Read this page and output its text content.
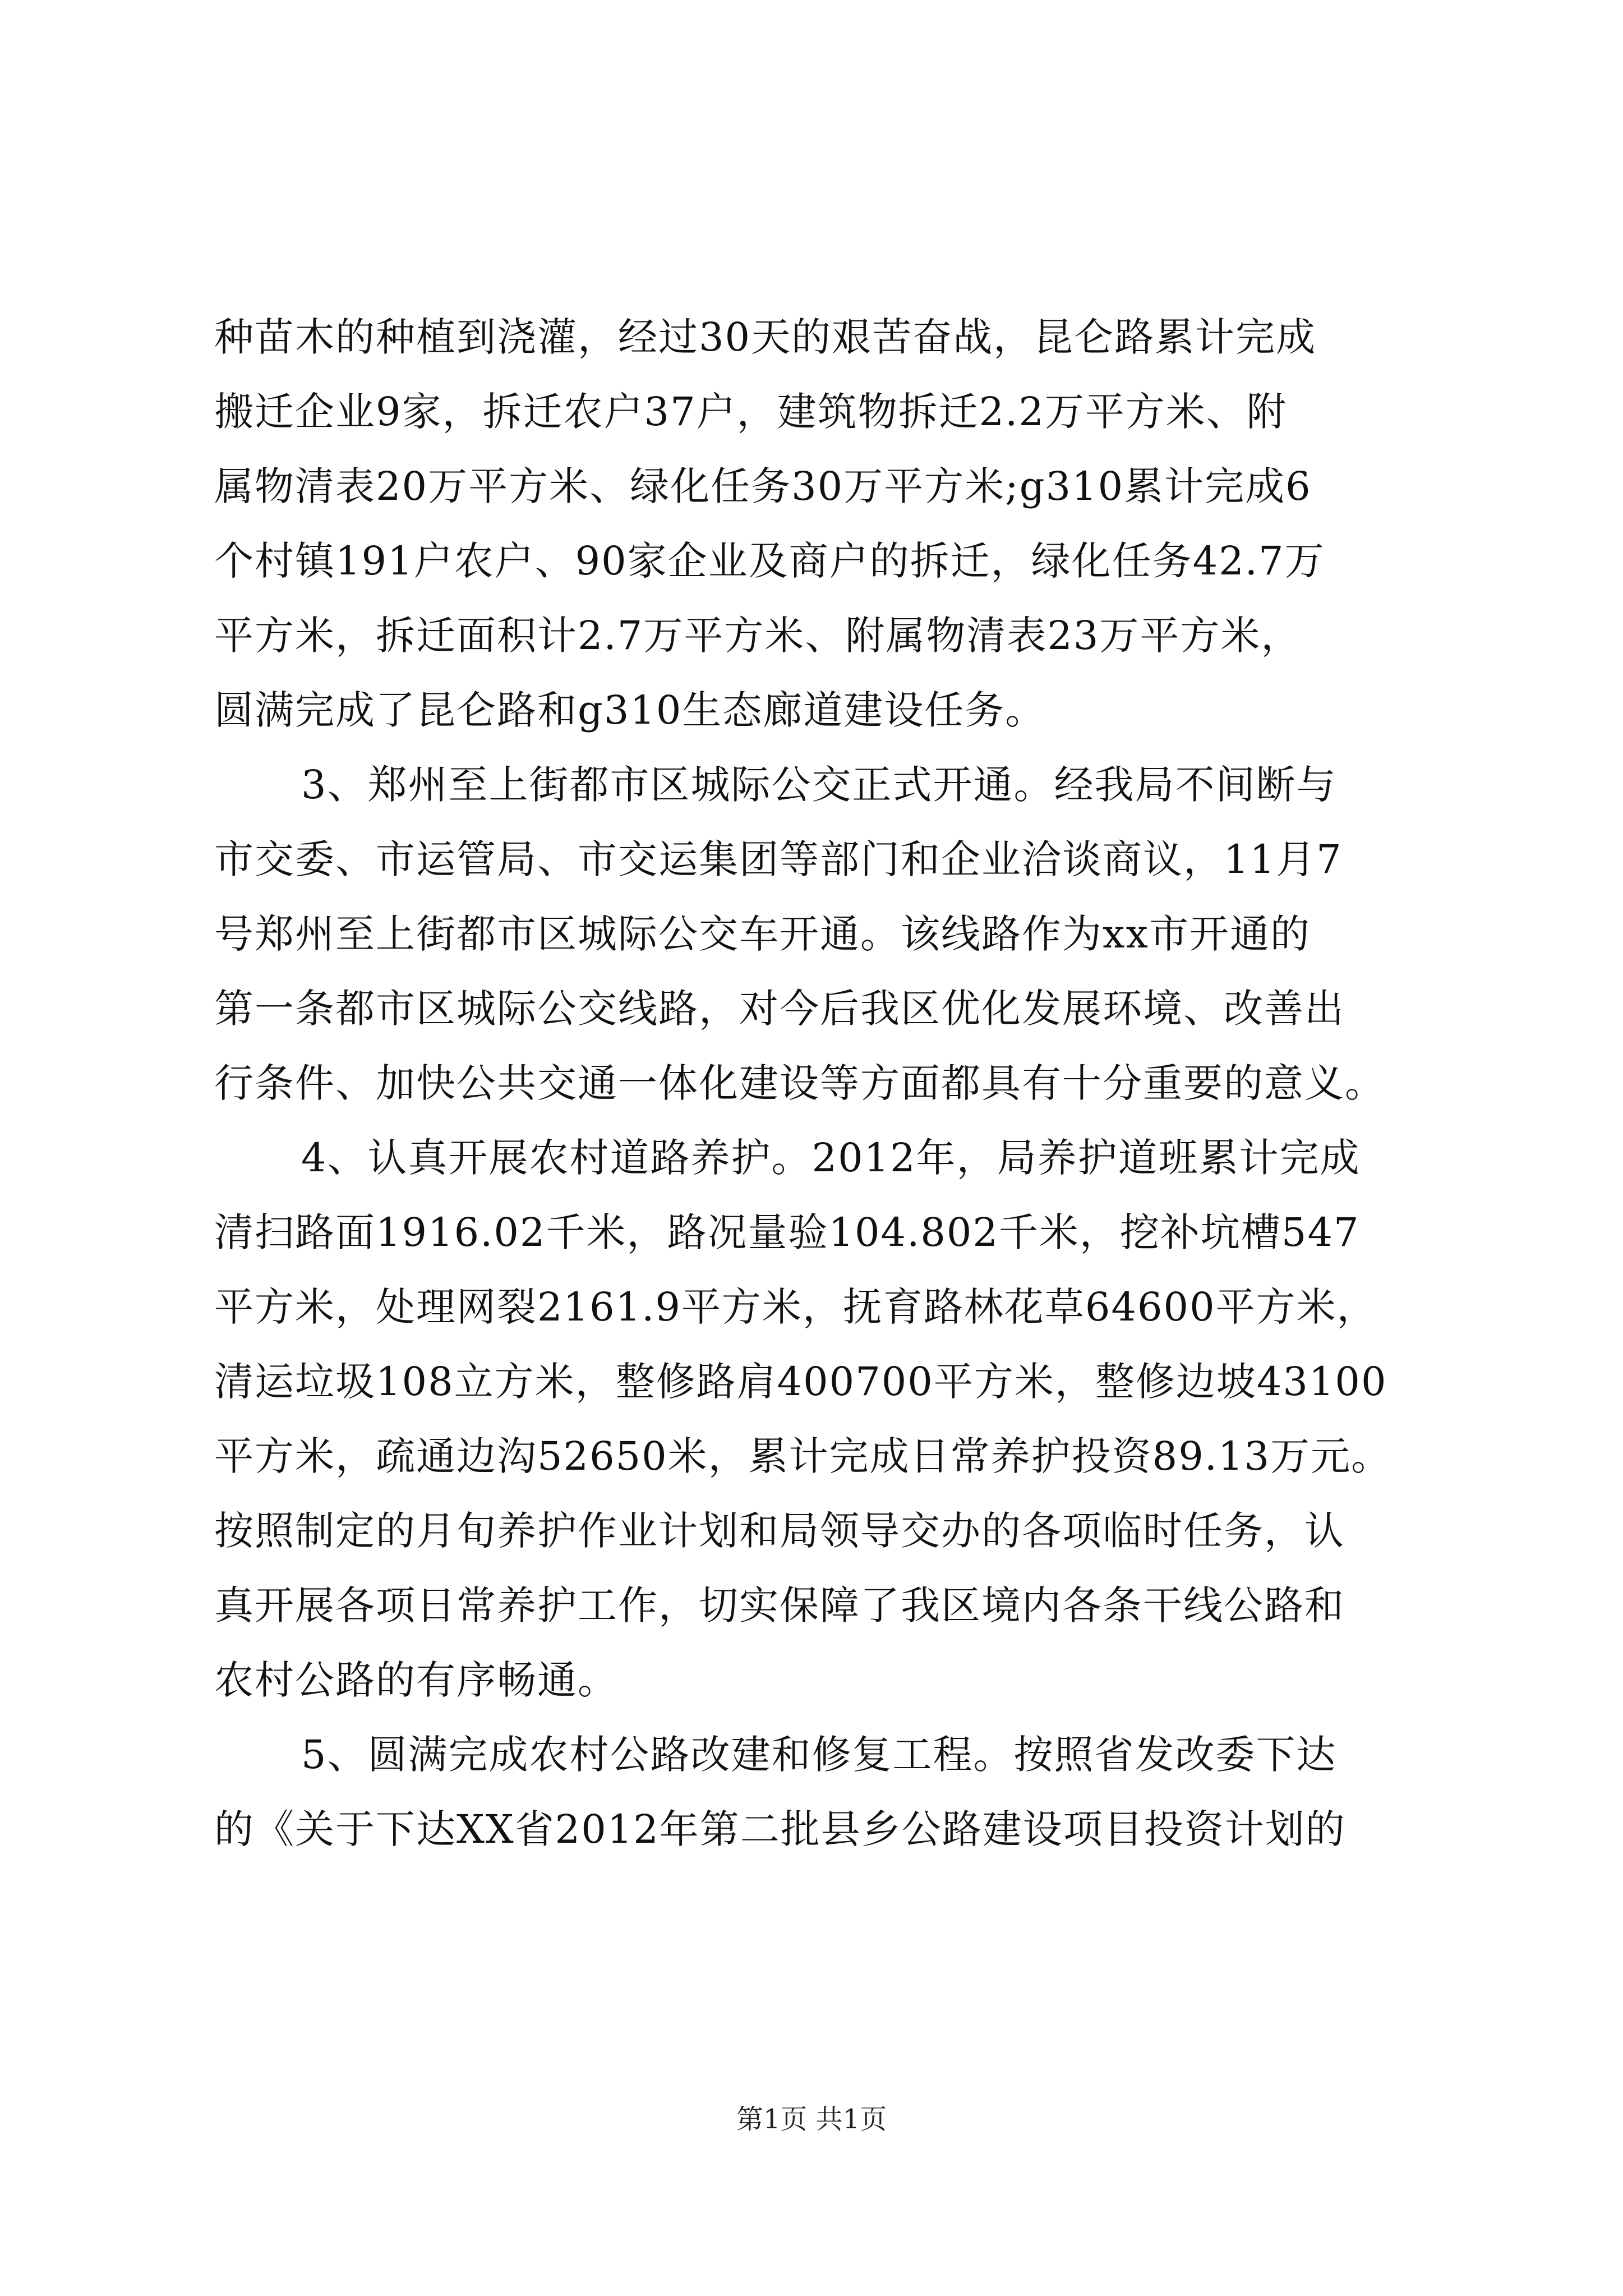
种苗木的种植到浇灌，经过30天的艰苦奋战，昆仑路累计完成
搬迁企业9家，拆迁农户37户，建筑物拆迁2.2万平方米、附
属物清表20万平方米、绿化任务30万平方米;g310累计完成6
个村镇191户农户、90家企业及商户的拆迁，绿化任务42.7万
平方米，拆迁面积计2.7万平方米、附属物清表23万平方米，
圆满完成了昆仑路和g310生态廊道建设任务。
3、郑州至上街都市区城际公交正式开通。经我局不间断与
市交委、市运管局、市交运集团等部门和企业洽谈商议，11月7
号郑州至上街都市区城际公交车开通。该线路作为xx市开通的
第一条都市区城际公交线路，对今后我区优化发展环境、改善出
行条件、加快公共交通一体化建设等方面都具有十分重要的意义。
4、认真开展农村道路养护。2012年，局养护道班累计完成
清扫路面1916.02千米，路况量验104.802千米，挖补坑槽547
平方米，处理网裂2161.9平方米，抚育路林花草64600平方米，
清运垃圾108立方米，整修路肩400700平方米，整修边坡43100
平方米，疏通边沟52650米，累计完成日常养护投资89.13万元。
按照制定的月旬养护作业计划和局领导交办的各项临时任务，认
真开展各项日常养护工作，切实保障了我区境内各条干线公路和
农村公路的有序畅通。
5、圆满完成农村公路改建和修复工程。按照省发改委下达
的《关于下达XX省2012年第二批县乡公路建设项目投资计划的
第1页 共1页
